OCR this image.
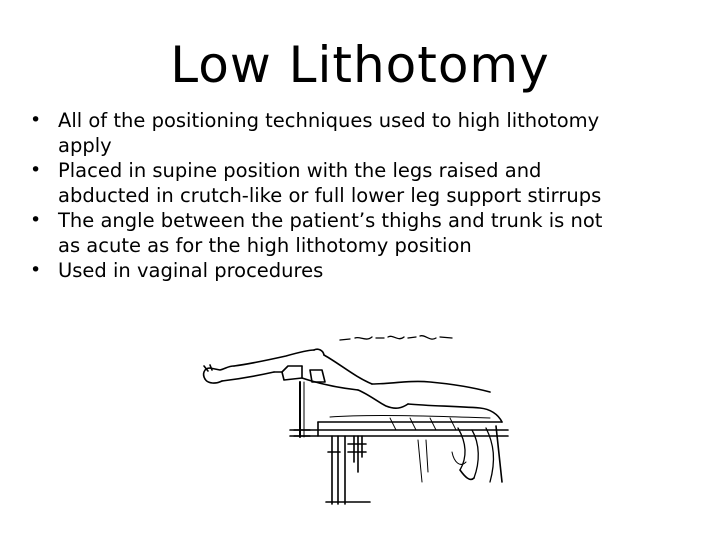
Low Lithotomy
• All of the positioning techniques used to high lithotomy apply
• Placed in supine position with the legs raised and abducted in crutch-like or full lower leg support stirrups
• The angle between the patient’s thighs and trunk is not as acute as for the high lithotomy position
• Used in vaginal procedures
